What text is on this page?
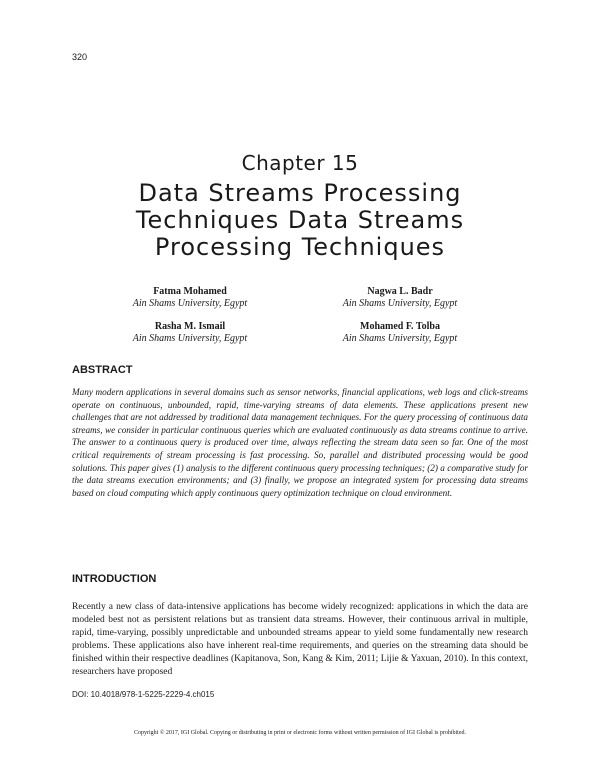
320
Chapter 15
Data Streams Processing Techniques Data Streams Processing Techniques
Fatma Mohamed
Ain Shams University, Egypt
Nagwa L. Badr
Ain Shams University, Egypt
Rasha M. Ismail
Ain Shams University, Egypt
Mohamed F. Tolba
Ain Shams University, Egypt
ABSTRACT

Many modern applications in several domains such as sensor networks, financial applications, web logs and click-streams operate on continuous, unbounded, rapid, time-varying streams of data elements. These applications present new challenges that are not addressed by traditional data management techniques. For the query processing of continuous data streams, we consider in particular continuous queries which are evaluated continuously as data streams continue to arrive. The answer to a continuous query is produced over time, always reflecting the stream data seen so far. One of the most critical requirements of stream processing is fast processing. So, parallel and distributed processing would be good solutions. This paper gives (1) analysis to the different continuous query processing techniques; (2) a comparative study for the data streams execution environments; and (3) finally, we propose an integrated system for processing data streams based on cloud computing which apply continuous query optimization technique on cloud environment.

INTRODUCTION

Recently a new class of data-intensive applications has become widely recognized: applications in which the data are modeled best not as persistent relations but as transient data streams. However, their continuous arrival in multiple, rapid, time-varying, possibly unpredictable and unbounded streams appear to yield some fundamentally new research problems. These applications also have inherent real-time requirements, and queries on the streaming data should be finished within their respective deadlines (Kapitanova, Son, Kang & Kim, 2011; Lijie & Yaxuan, 2010). In this context, researchers have proposed

DOI: 10.4018/978-1-5225-2229-4.ch015
Copyright © 2017, IGI Global. Copying or distributing in print or electronic forms without written permission of IGI Global is prohibited.
